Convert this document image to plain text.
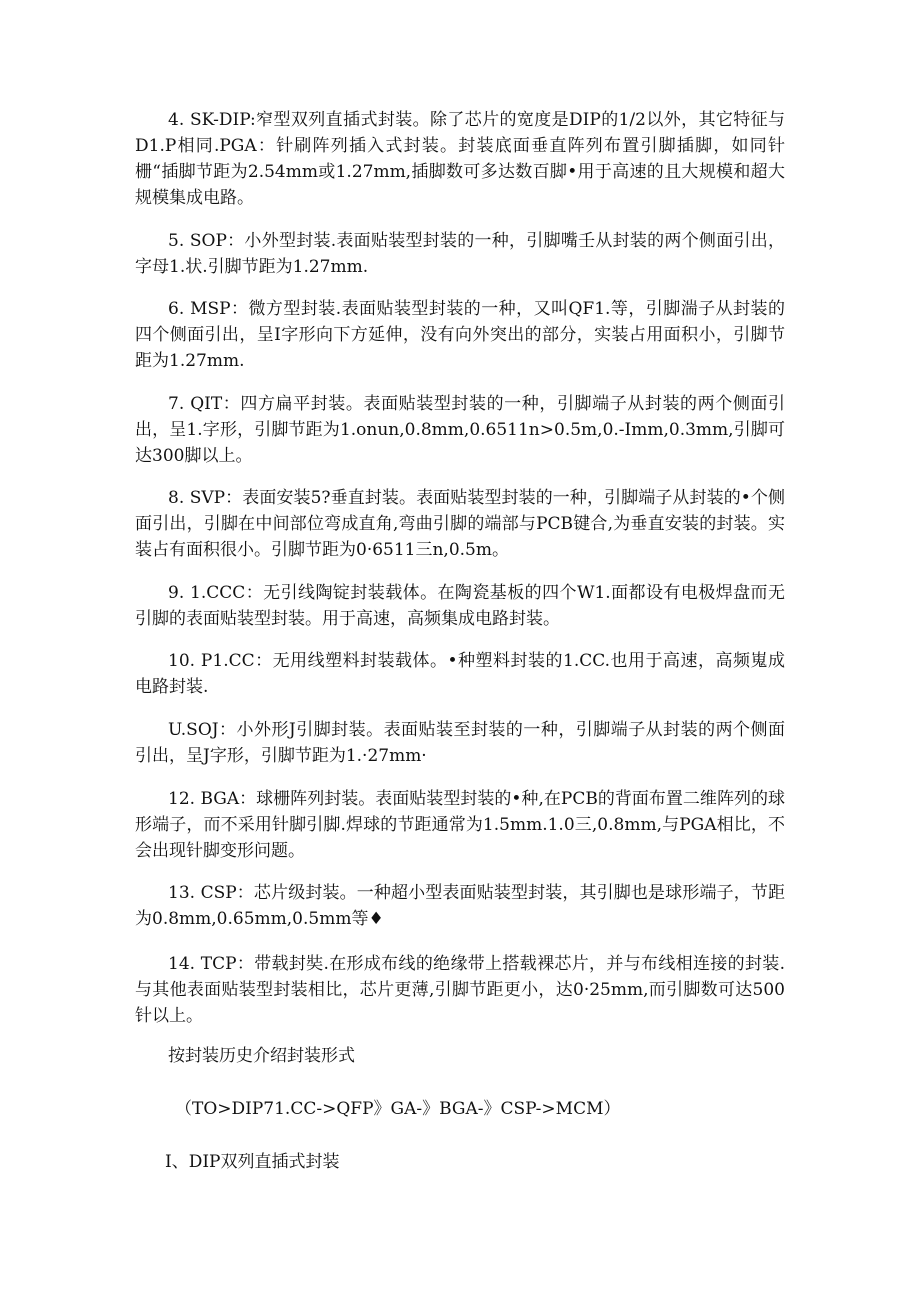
4. SK-DIP:窄型双列直插式封装。除了芯片的宽度是DIP的1/2以外，其它特征与D1.P相同.PGA：针刷阵列插入式封装。封装底面垂直阵列布置引脚插脚，如同针栅“插脚节距为2.54mm或1.27mm,插脚数可多达数百脚•用于高速的且大规模和超大规模集成电路。

5. SOP：小外型封装.表面贴装型封装的一种，引脚嘴壬从封装的两个侧面引出，字母1.状.引脚节距为1.27mm.

6. MSP：微方型封装.表面贴装型封装的一种，又叫QF1.等，引脚湍子从封装的四个侧面引出，呈I字形向下方延伸，没有向外突出的部分，实装占用面积小，引脚节距为1.27mm.

7. QIT：四方扁平封装。表面贴装型封装的一种，引脚端子从封装的两个侧面引出，呈1.字形，引脚节距为1.onun,0.8mm,0.6511n>0.5m,0.-Imm,0.3mm,引脚可达300脚以上。

8. SVP：表面安装5?垂直封装。表面贴装型封装的一种，引脚端子从封装的•个侧面引出，引脚在中间部位弯成直角,弯曲引脚的端部与PCB键合,为垂直安装的封装。实装占有面积很小。引脚节距为0·6511三n,0.5m。

9. 1.CCC：无引线陶锭封装载体。在陶瓷基板的四个W1.面都设有电极焊盘而无引脚的表面贴装型封装。用于高速，高频集成电路封装。

10. P1.CC：无用线塑料封装载体。•种塑料封装的1.CC.也用于高速，高频嵬成电路封装.

U.SOJ：小外形J引脚封装。表面贴装至封装的一种，引脚端子从封装的两个侧面引出，呈J字形，引脚节距为1.·27mm·

12. BGA：球栅阵列封装。表面贴装型封装的•种,在PCB的背面布置二维阵列的球形端子，而不采用针脚引脚.焊球的节距通常为1.5mm.1.0三,0.8mm,与PGA相比，不会出现针脚变形问题。

13. CSP：芯片级封装。一种超小型表面贴装型封装，其引脚也是球形端子，节距为0.8mm,0.65mm,0.5mm等♦

14. TCP：带载封奘.在形成布线的绝缘带上搭载裸芯片，并与布线相连接的封装.与其他表面贴装型封装相比，芯片更薄,引脚节距更小，达0·25mm,而引脚数可达500针以上。

按封装历史介绍封装形式

（TO>DIP71.CC->QFP》GA-》BGA-》CSP->MCM）

I、DIP双列直插式封装
